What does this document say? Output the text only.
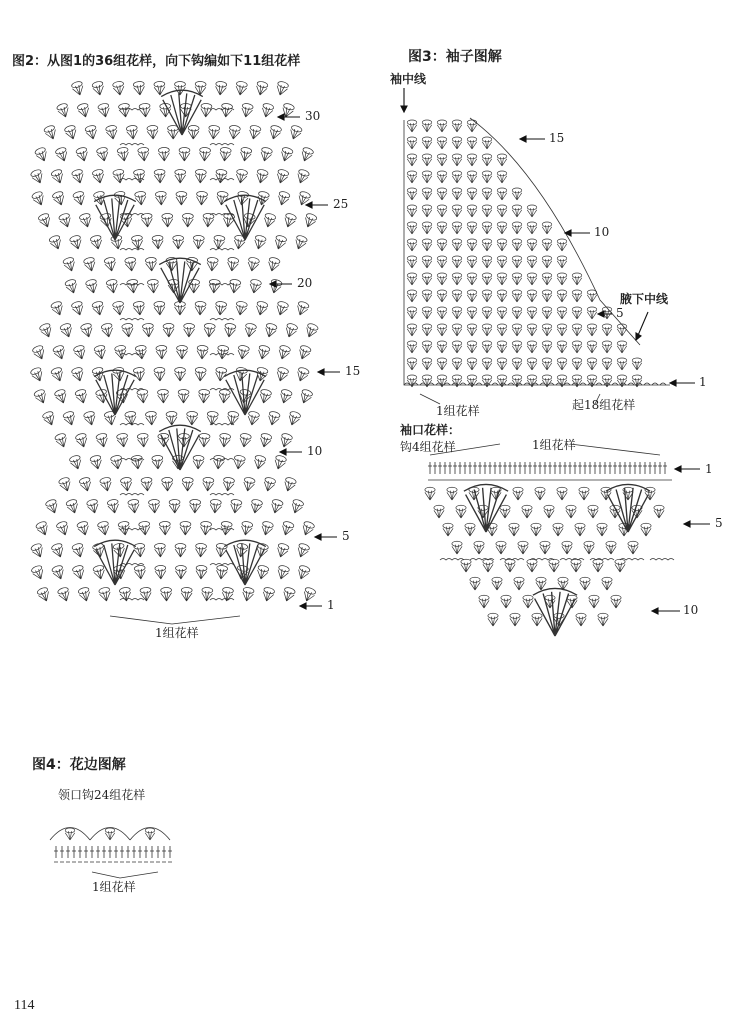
图2：从图1的36组花样，向下钩编如下11组花样
30
25
20
15
10
5
1
1组花样
图3：袖子图解
袖中线
15
10
腋下中线
5
1
1组花样	起18组花样
袖口花样：
钩4组花样	1组花样
1
5
10
图4：花边图解
领口钩24组花样
1组花样
114
